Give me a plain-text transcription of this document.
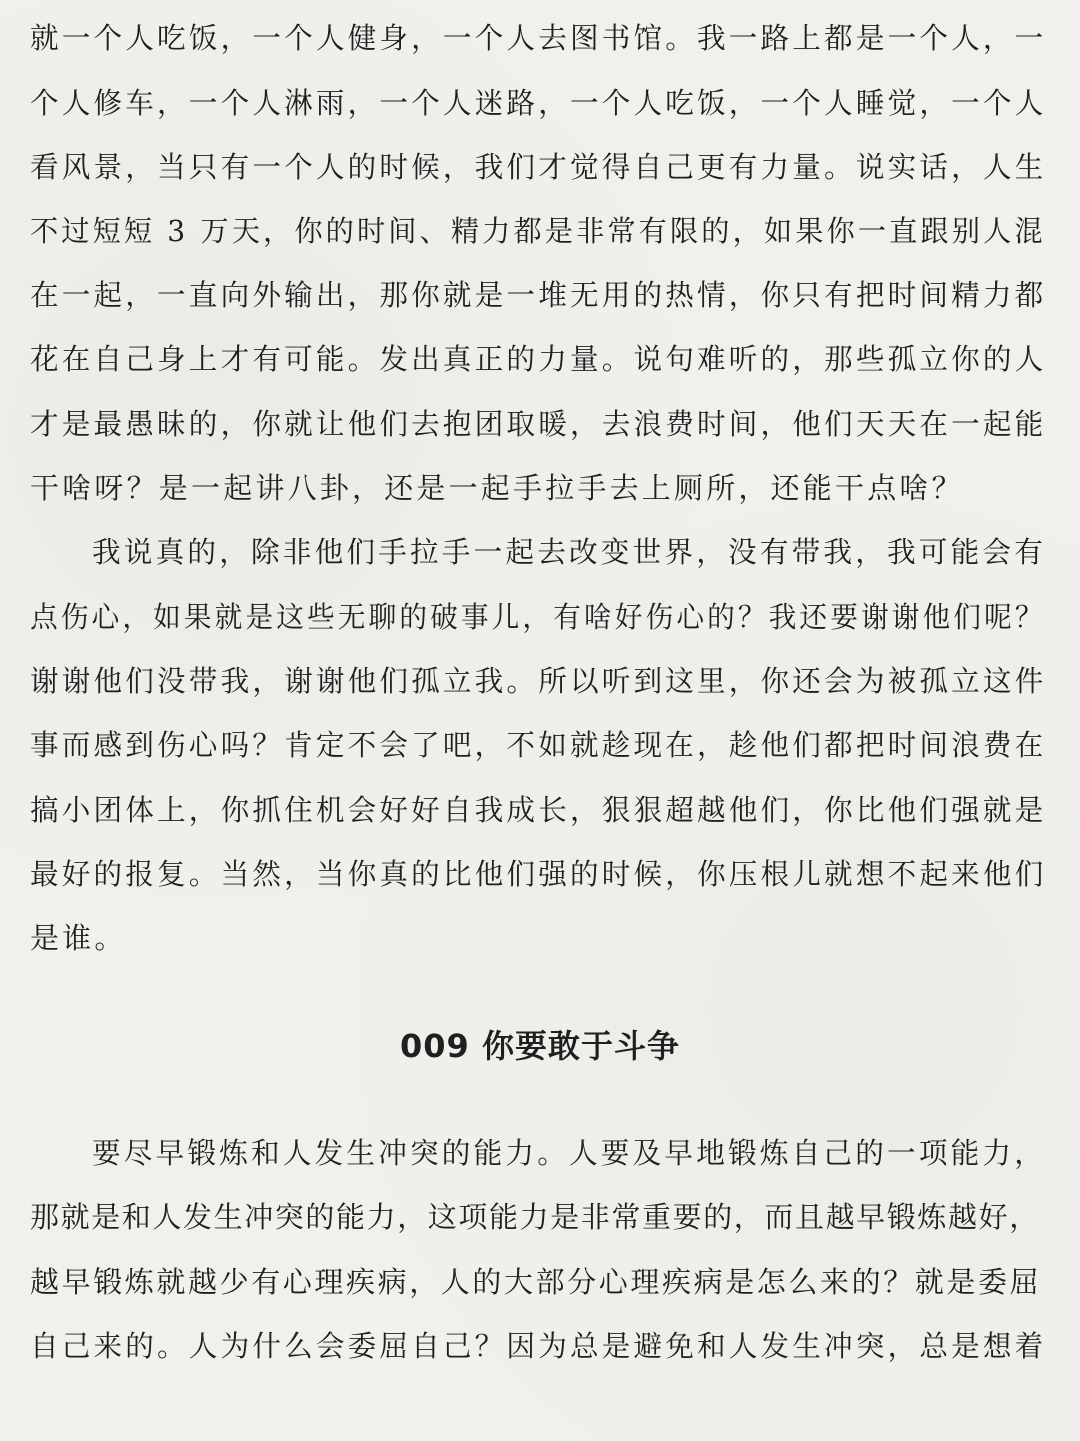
就一个人吃饭，一个人健身，一个人去图书馆。我一路上都是一个人，一
个人修车，一个人淋雨，一个人迷路，一个人吃饭，一个人睡觉，一个人
看风景，当只有一个人的时候，我们才觉得自己更有力量。说实话，人生
不过短短 3 万天，你的时间、精力都是非常有限的，如果你一直跟别人混
在一起，一直向外输出，那你就是一堆无用的热情，你只有把时间精力都
花在自己身上才有可能。发出真正的力量。说句难听的，那些孤立你的人
才是最愚昧的，你就让他们去抱团取暖，去浪费时间，他们天天在一起能
干啥呀？是一起讲八卦，还是一起手拉手去上厕所，还能干点啥？
我说真的，除非他们手拉手一起去改变世界，没有带我，我可能会有
点伤心，如果就是这些无聊的破事儿，有啥好伤心的？我还要谢谢他们呢？
谢谢他们没带我，谢谢他们孤立我。所以听到这里，你还会为被孤立这件
事而感到伤心吗？肯定不会了吧，不如就趁现在，趁他们都把时间浪费在
搞小团体上，你抓住机会好好自我成长，狠狠超越他们，你比他们强就是
最好的报复。当然，当你真的比他们强的时候，你压根儿就想不起来他们
是谁。
009 你要敢于斗争
要尽早锻炼和人发生冲突的能力。人要及早地锻炼自己的一项能力，
那就是和人发生冲突的能力，这项能力是非常重要的，而且越早锻炼越好，
越早锻炼就越少有心理疾病，人的大部分心理疾病是怎么来的？就是委屈
自己来的。人为什么会委屈自己？因为总是避免和人发生冲突，总是想着
